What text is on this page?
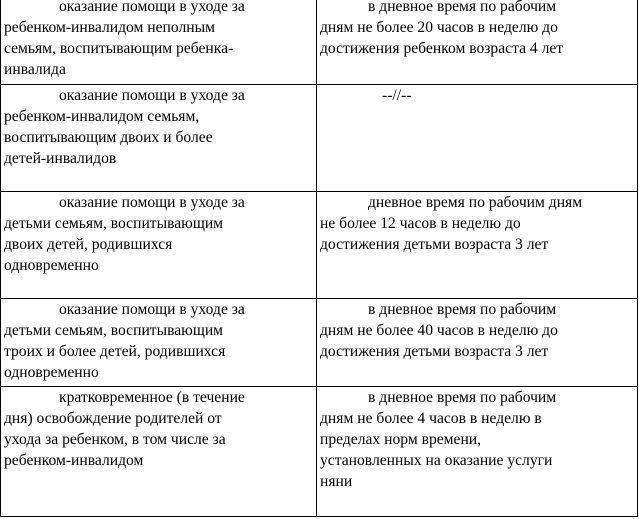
оказание помощи в уходе за
ребенком-инвалидом неполным
семьям, воспитывающим ребенка-
инвалида	в дневное время по рабочим
дням не более 20 часов в неделю до
достижения ребенком возраста 4 лет

оказание помощи в уходе за
ребенком-инвалидом семьям,
воспитывающим двоих и более
детей-инвалидов	--//--

оказание помощи в уходе за
детьми семьям, воспитывающим
двоих детей, родившихся
одновременно	дневное время по рабочим дням
не более 12 часов в неделю до
достижения детьми возраста 3 лет

оказание помощи в уходе за
детьми семьям, воспитывающим
троих и более детей, родившихся
одновременно	в дневное время по рабочим
дням не более 40 часов в неделю до
достижения детьми возраста 3 лет

кратковременное (в течение
дня) освобождение родителей от
ухода за ребенком, в том числе за
ребенком-инвалидом	в дневное время по рабочим
дням не более 4 часов в неделю в
пределах норм времени,
установленных на оказание услуги
няни
